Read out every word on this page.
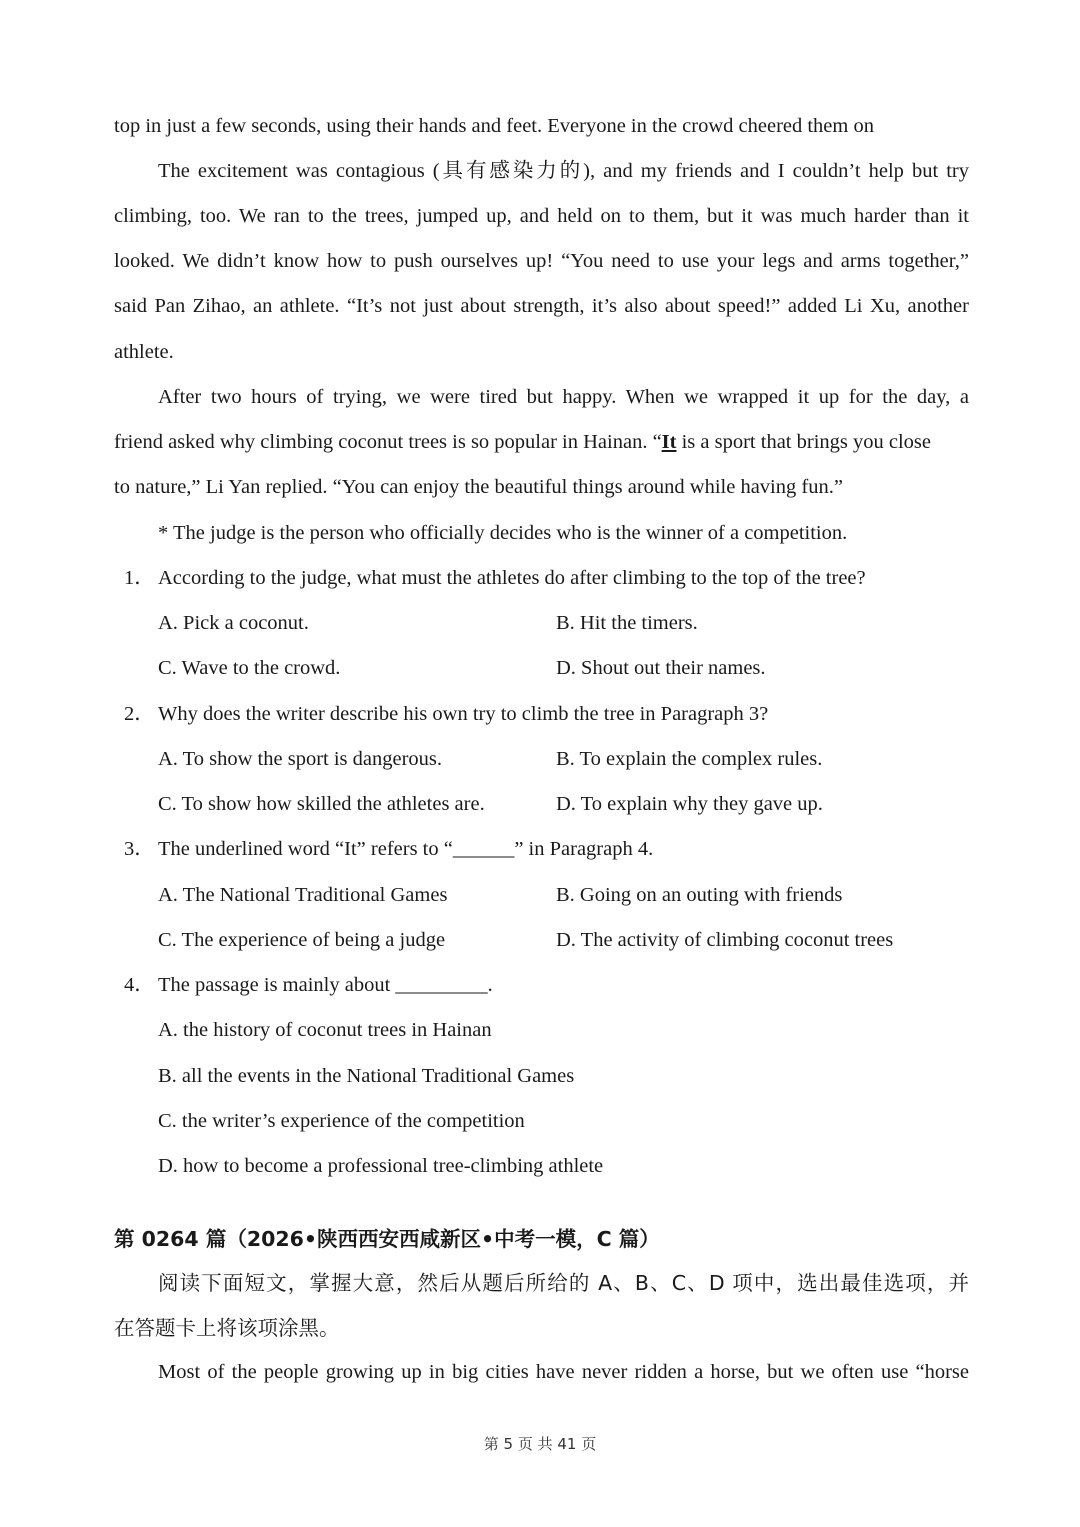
top in just a few seconds, using their hands and feet. Everyone in the crowd cheered them on
The excitement was contagious (具有感染力的), and my friends and I couldn’t help but try
climbing, too. We ran to the trees, jumped up, and held on to them, but it was much harder than it
looked. We didn’t know how to push ourselves up! “You need to use your legs and arms together,”
said Pan Zihao, an athlete. “It’s not just about strength, it’s also about speed!” added Li Xu, another
athlete.
After two hours of trying, we were tired but happy. When we wrapped it up for the day, a
friend asked why climbing coconut trees is so popular in Hainan. “It is a sport that brings you close
to nature,” Li Yan replied. “You can enjoy the beautiful things around while having fun.”
* The judge is the person who officially decides who is the winner of a competition.
1． According to the judge, what must the athletes do after climbing to the top of the tree?
A. Pick a coconut.	B. Hit the timers.
C. Wave to the crowd.	D. Shout out their names.
2． Why does the writer describe his own try to climb the tree in Paragraph 3?
A. To show the sport is dangerous.	B. To explain the complex rules.
C. To show how skilled the athletes are.	D. To explain why they gave up.
3． The underlined word “It” refers to “______” in Paragraph 4.
A. The National Traditional Games	B. Going on an outing with friends
C. The experience of being a judge	D. The activity of climbing coconut trees
4． The passage is mainly about _________.
A. the history of coconut trees in Hainan
B. all the events in the National Traditional Games
C. the writer’s experience of the competition
D. how to become a professional tree-climbing athlete
第 0264 篇（2026•陕西西安西咸新区•中考一模，C 篇）
阅读下面短文，掌握大意，然后从题后所给的 A、B、C、D 项中，选出最佳选项，并
在答题卡上将该项涂黑。
Most of the people growing up in big cities have never ridden a horse, but we often use “horse
第 5 页 共 41 页
